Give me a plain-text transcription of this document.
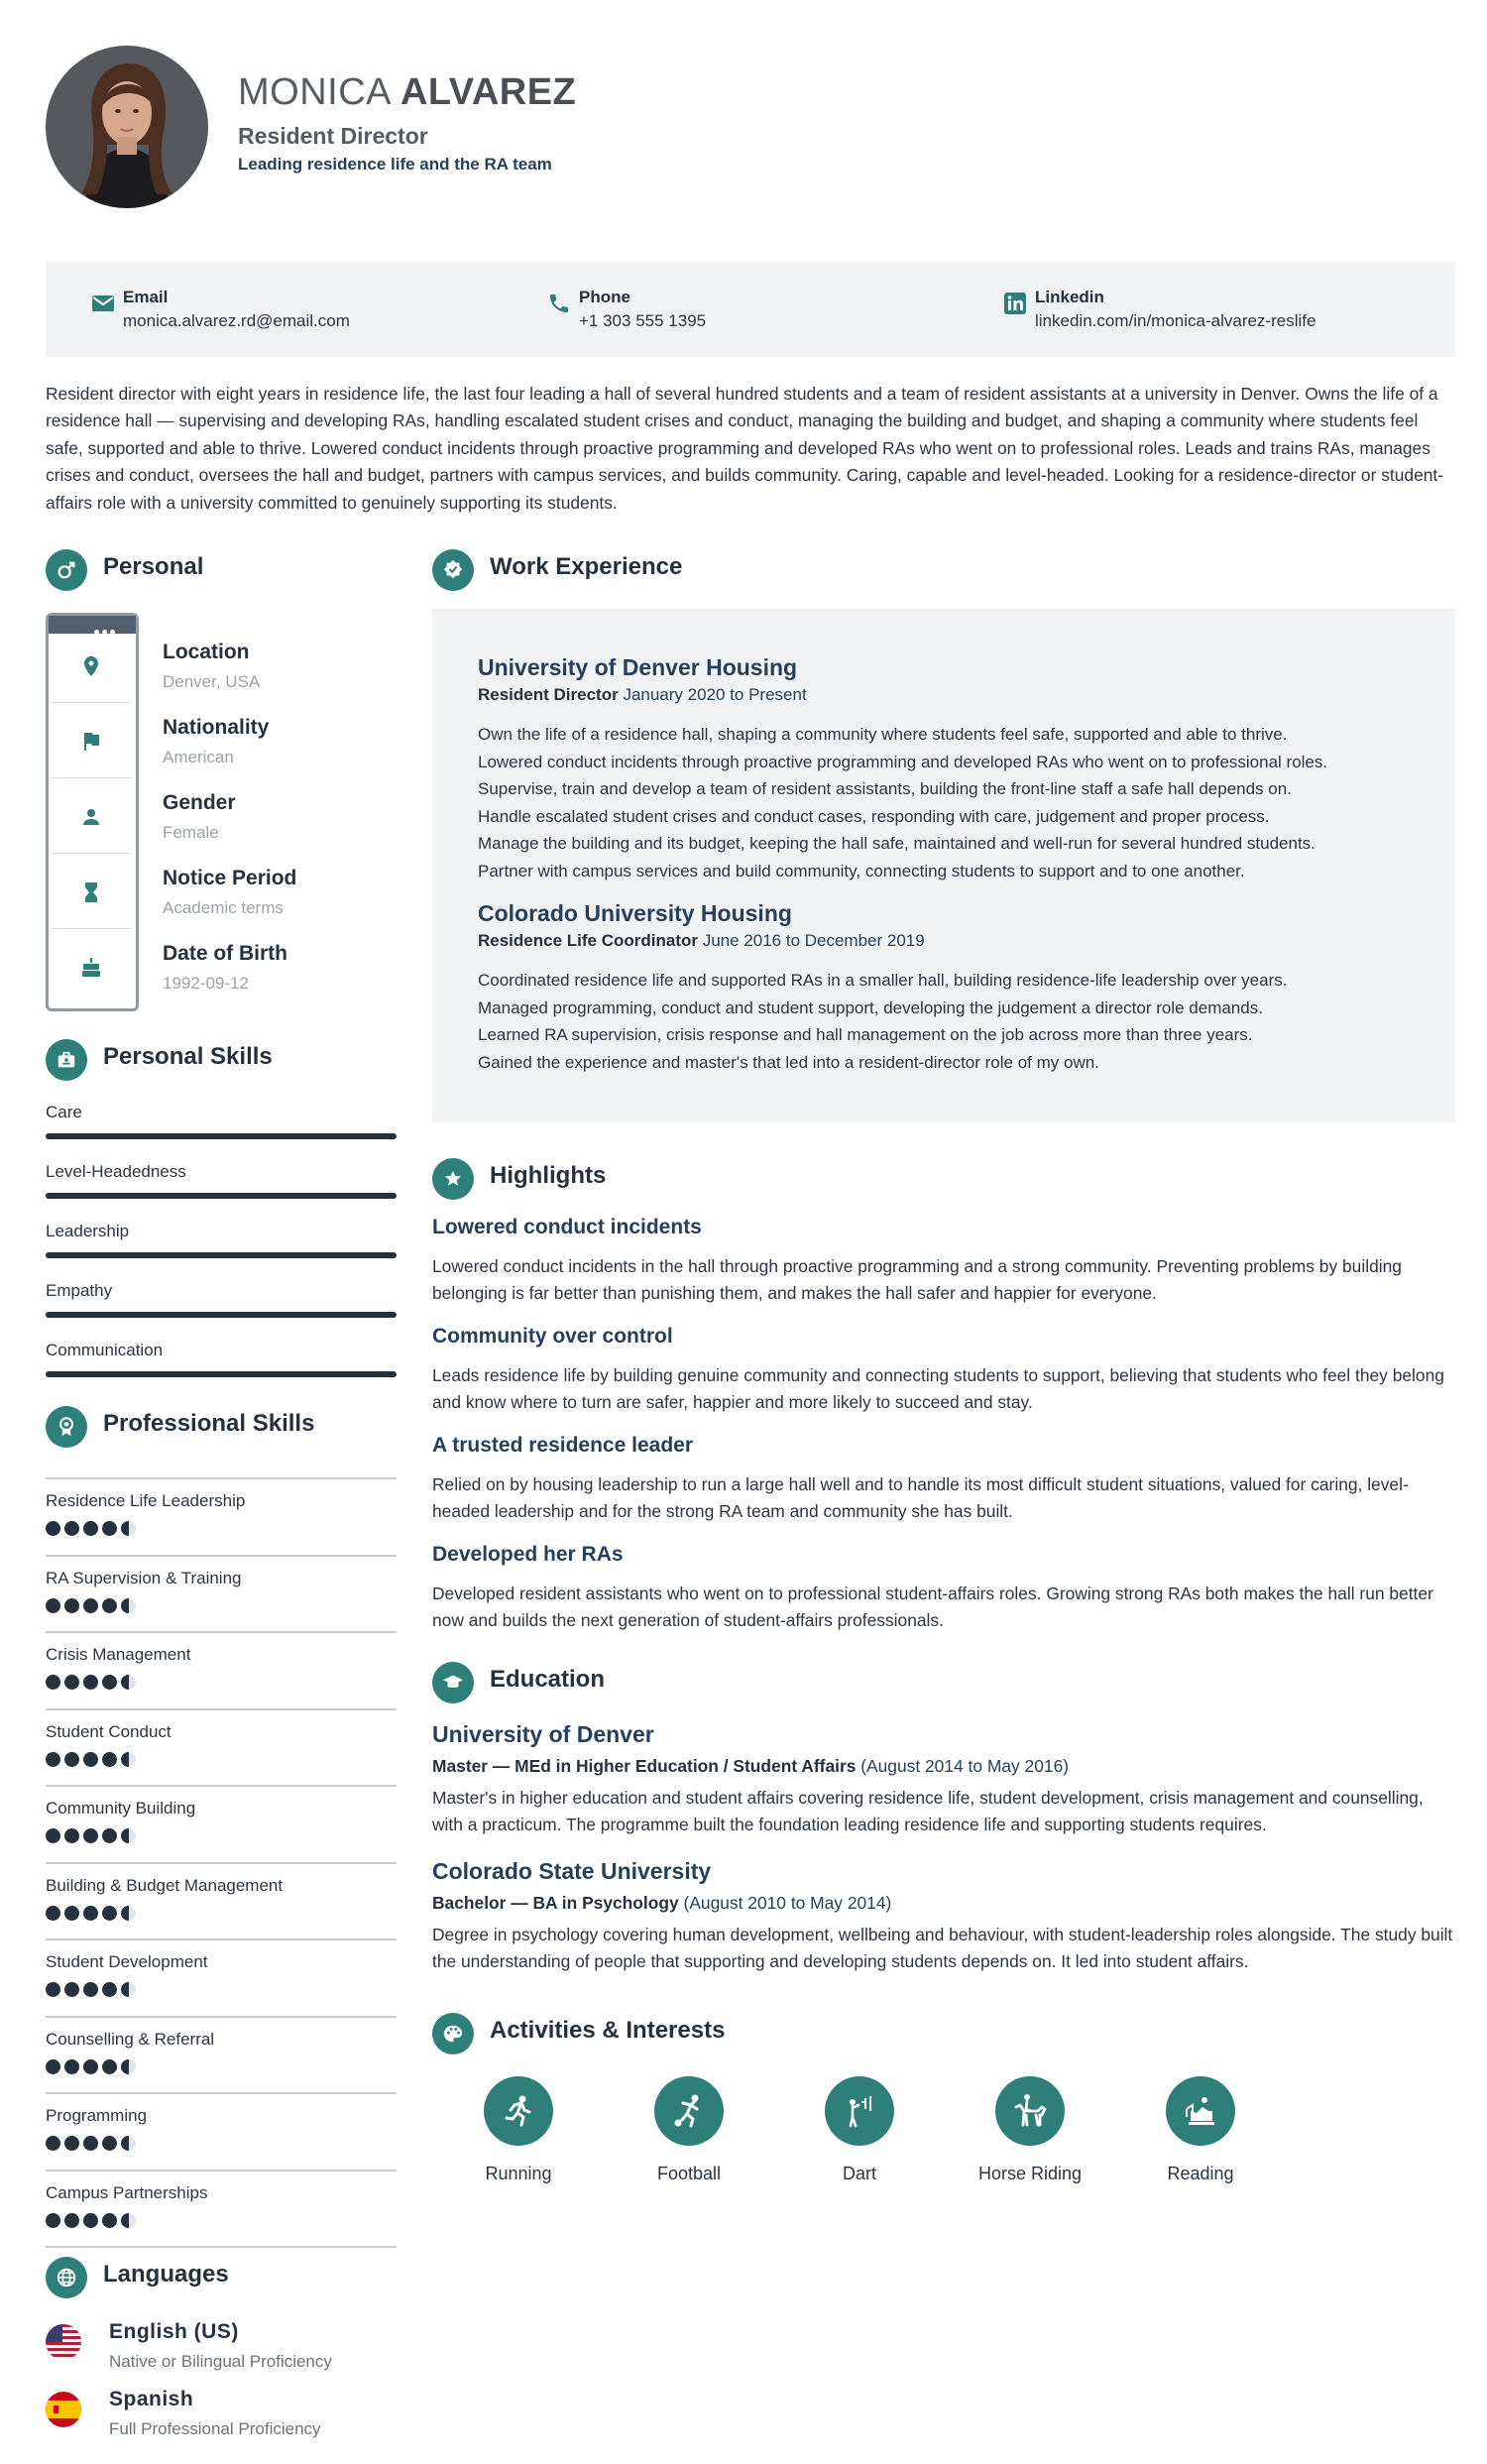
MONICA ALVAREZ
Resident Director
Leading residence life and the RA team
Email
monica.alvarez.rd@email.com
Phone
+1 303 555 1395
Linkedin
linkedin.com/in/monica-alvarez-reslife
Resident director with eight years in residence life, the last four leading a hall of several hundred students and a team of resident assistants at a university in Denver. Owns the life of a residence hall — supervising and developing RAs, handling escalated student crises and conduct, managing the building and budget, and shaping a community where students feel safe, supported and able to thrive. Lowered conduct incidents through proactive programming and developed RAs who went on to professional roles. Leads and trains RAs, manages crises and conduct, oversees the hall and budget, partners with campus services, and builds community. Caring, capable and level-headed. Looking for a residence-director or student-affairs role with a university committed to genuinely supporting its students.
Personal
Location
Denver, USA
Nationality
American
Gender
Female
Notice Period
Academic terms
Date of Birth
1992-09-12
Personal Skills
Care
Level-Headedness
Leadership
Empathy
Communication
Professional Skills
Residence Life Leadership
RA Supervision & Training
Crisis Management
Student Conduct
Community Building
Building & Budget Management
Student Development
Counselling & Referral
Programming
Campus Partnerships
Languages
English (US)
Native or Bilingual Proficiency
Spanish
Full Professional Proficiency
Work Experience
University of Denver Housing
Resident Director January 2020 to Present
Own the life of a residence hall, shaping a community where students feel safe, supported and able to thrive.
Lowered conduct incidents through proactive programming and developed RAs who went on to professional roles.
Supervise, train and develop a team of resident assistants, building the front-line staff a safe hall depends on.
Handle escalated student crises and conduct cases, responding with care, judgement and proper process.
Manage the building and its budget, keeping the hall safe, maintained and well-run for several hundred students.
Partner with campus services and build community, connecting students to support and to one another.
Colorado University Housing
Residence Life Coordinator June 2016 to December 2019
Coordinated residence life and supported RAs in a smaller hall, building residence-life leadership over years.
Managed programming, conduct and student support, developing the judgement a director role demands.
Learned RA supervision, crisis response and hall management on the job across more than three years.
Gained the experience and master's that led into a resident-director role of my own.
Highlights
Lowered conduct incidents
Lowered conduct incidents in the hall through proactive programming and a strong community. Preventing problems by building belonging is far better than punishing them, and makes the hall safer and happier for everyone.
Community over control
Leads residence life by building genuine community and connecting students to support, believing that students who feel they belong and know where to turn are safer, happier and more likely to succeed and stay.
A trusted residence leader
Relied on by housing leadership to run a large hall well and to handle its most difficult student situations, valued for caring, level-headed leadership and for the strong RA team and community she has built.
Developed her RAs
Developed resident assistants who went on to professional student-affairs roles. Growing strong RAs both makes the hall run better now and builds the next generation of student-affairs professionals.
Education
University of Denver
Master — MEd in Higher Education / Student Affairs (August 2014 to May 2016)
Master's in higher education and student affairs covering residence life, student development, crisis management and counselling, with a practicum. The programme built the foundation leading residence life and supporting students requires.
Colorado State University
Bachelor — BA in Psychology (August 2010 to May 2014)
Degree in psychology covering human development, wellbeing and behaviour, with student-leadership roles alongside. The study built the understanding of people that supporting and developing students depends on. It led into student affairs.
Activities & Interests
Running	Football	Dart	Horse Riding	Reading
